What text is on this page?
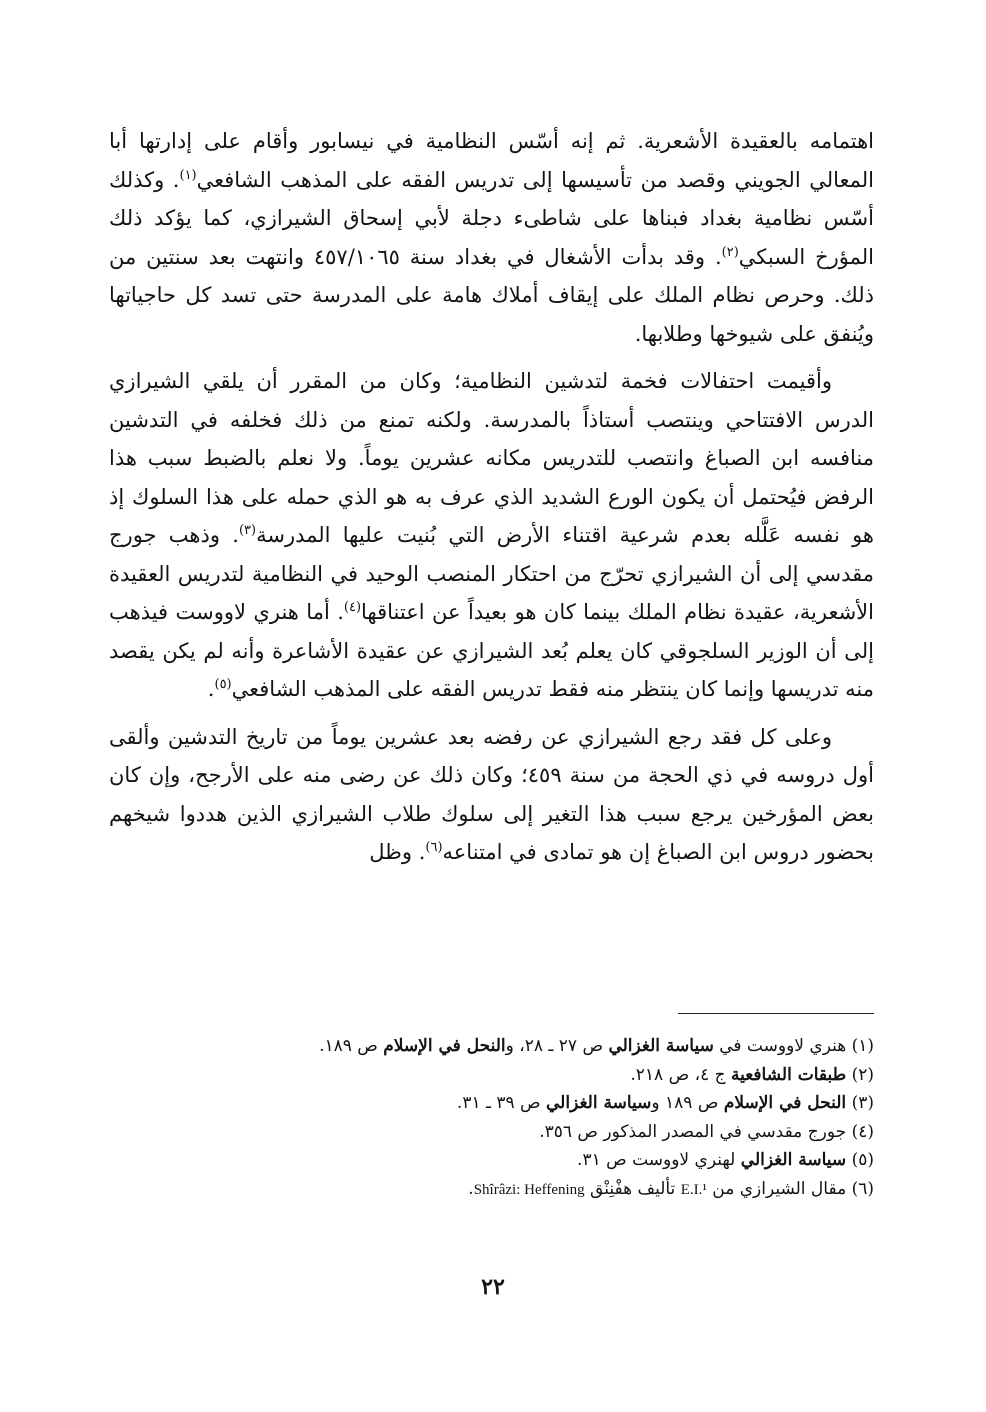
اهتمامه بالعقيدة الأشعرية. ثم إنه أسّس النظامية في نيسابور وأقام على إدارتها أبا المعالي الجويني وقصد من تأسيسها إلى تدريس الفقه على المذهب الشافعي$^{(١)}$. وكذلك أسّس نظامية بغداد فبناها على شاطىء دجلة لأبي إسحاق الشيرازي، كما يؤكد ذلك المؤرخ السبكي$^{(٢)}$. وقد بدأت الأشغال في بغداد سنة ٤٥٧/١٠٦٥ وانتهت بعد سنتين من ذلك. وحرص نظام الملك على إيقاف أملاك هامة على المدرسة حتى تسد كل حاجياتها ويُنفق على شيوخها وطلابها.

وأقيمت احتفالات فخمة لتدشين النظامية؛ وكان من المقرر أن يلقي الشيرازي الدرس الافتتاحي وينتصب أستاذاً بالمدرسة. ولكنه تمنع من ذلك فخلفه في التدشين منافسه ابن الصباغ وانتصب للتدريس مكانه عشرين يوماً. ولا نعلم بالضبط سبب هذا الرفض فيُحتمل أن يكون الورع الشديد الذي عرف به هو الذي حمله على هذا السلوك إذ هو نفسه عَلَّله بعدم شرعية اقتناء الأرض التي بُنيت عليها المدرسة$^{(٣)}$. وذهب جورج مقدسي إلى أن الشيرازي تحرّج من احتكار المنصب الوحيد في النظامية لتدريس العقيدة الأشعرية، عقيدة نظام الملك بينما كان هو بعيداً عن اعتناقها$^{(٤)}$. أما هنري لاووست فيذهب إلى أن الوزير السلجوقي كان يعلم بُعد الشيرازي عن عقيدة الأشاعرة وأنه لم يكن يقصد منه تدريسها وإنما كان ينتظر منه فقط تدريس الفقه على المذهب الشافعي$^{(٥)}$.

وعلى كل فقد رجع الشيرازي عن رفضه بعد عشرين يوماً من تاريخ التدشين وألقى أول دروسه في ذي الحجة من سنة ٤٥٩؛ وكان ذلك عن رضى منه على الأرجح، وإن كان بعض المؤرخين يرجع سبب هذا التغير إلى سلوك طلاب الشيرازي الذين هددوا شيخهم بحضور دروس ابن الصباغ إن هو تمادى في امتناعه$^{(٦)}$. وظل

(١) هنري لاووست في سياسة الغزالي ص ٢٧ ـ ٢٨، والنحل في الإسلام ص ١٨٩.

(٢) طبقات الشافعية ج ٤، ص ٢١٨.

(٣) النحل في الإسلام ص ١٨٩ وسياسة الغزالي ص ٣٩ ـ ٣١.

(٤) جورج مقدسي في المصدر المذكور ص ٣٥٦.

(٥) سياسة الغزالي لهنري لاووست ص ٣١.

(٦) مقال الشيرازي من E.I.¹ تأليف هفْنِنْق Shîrâzi: Heffening.

٢٢
